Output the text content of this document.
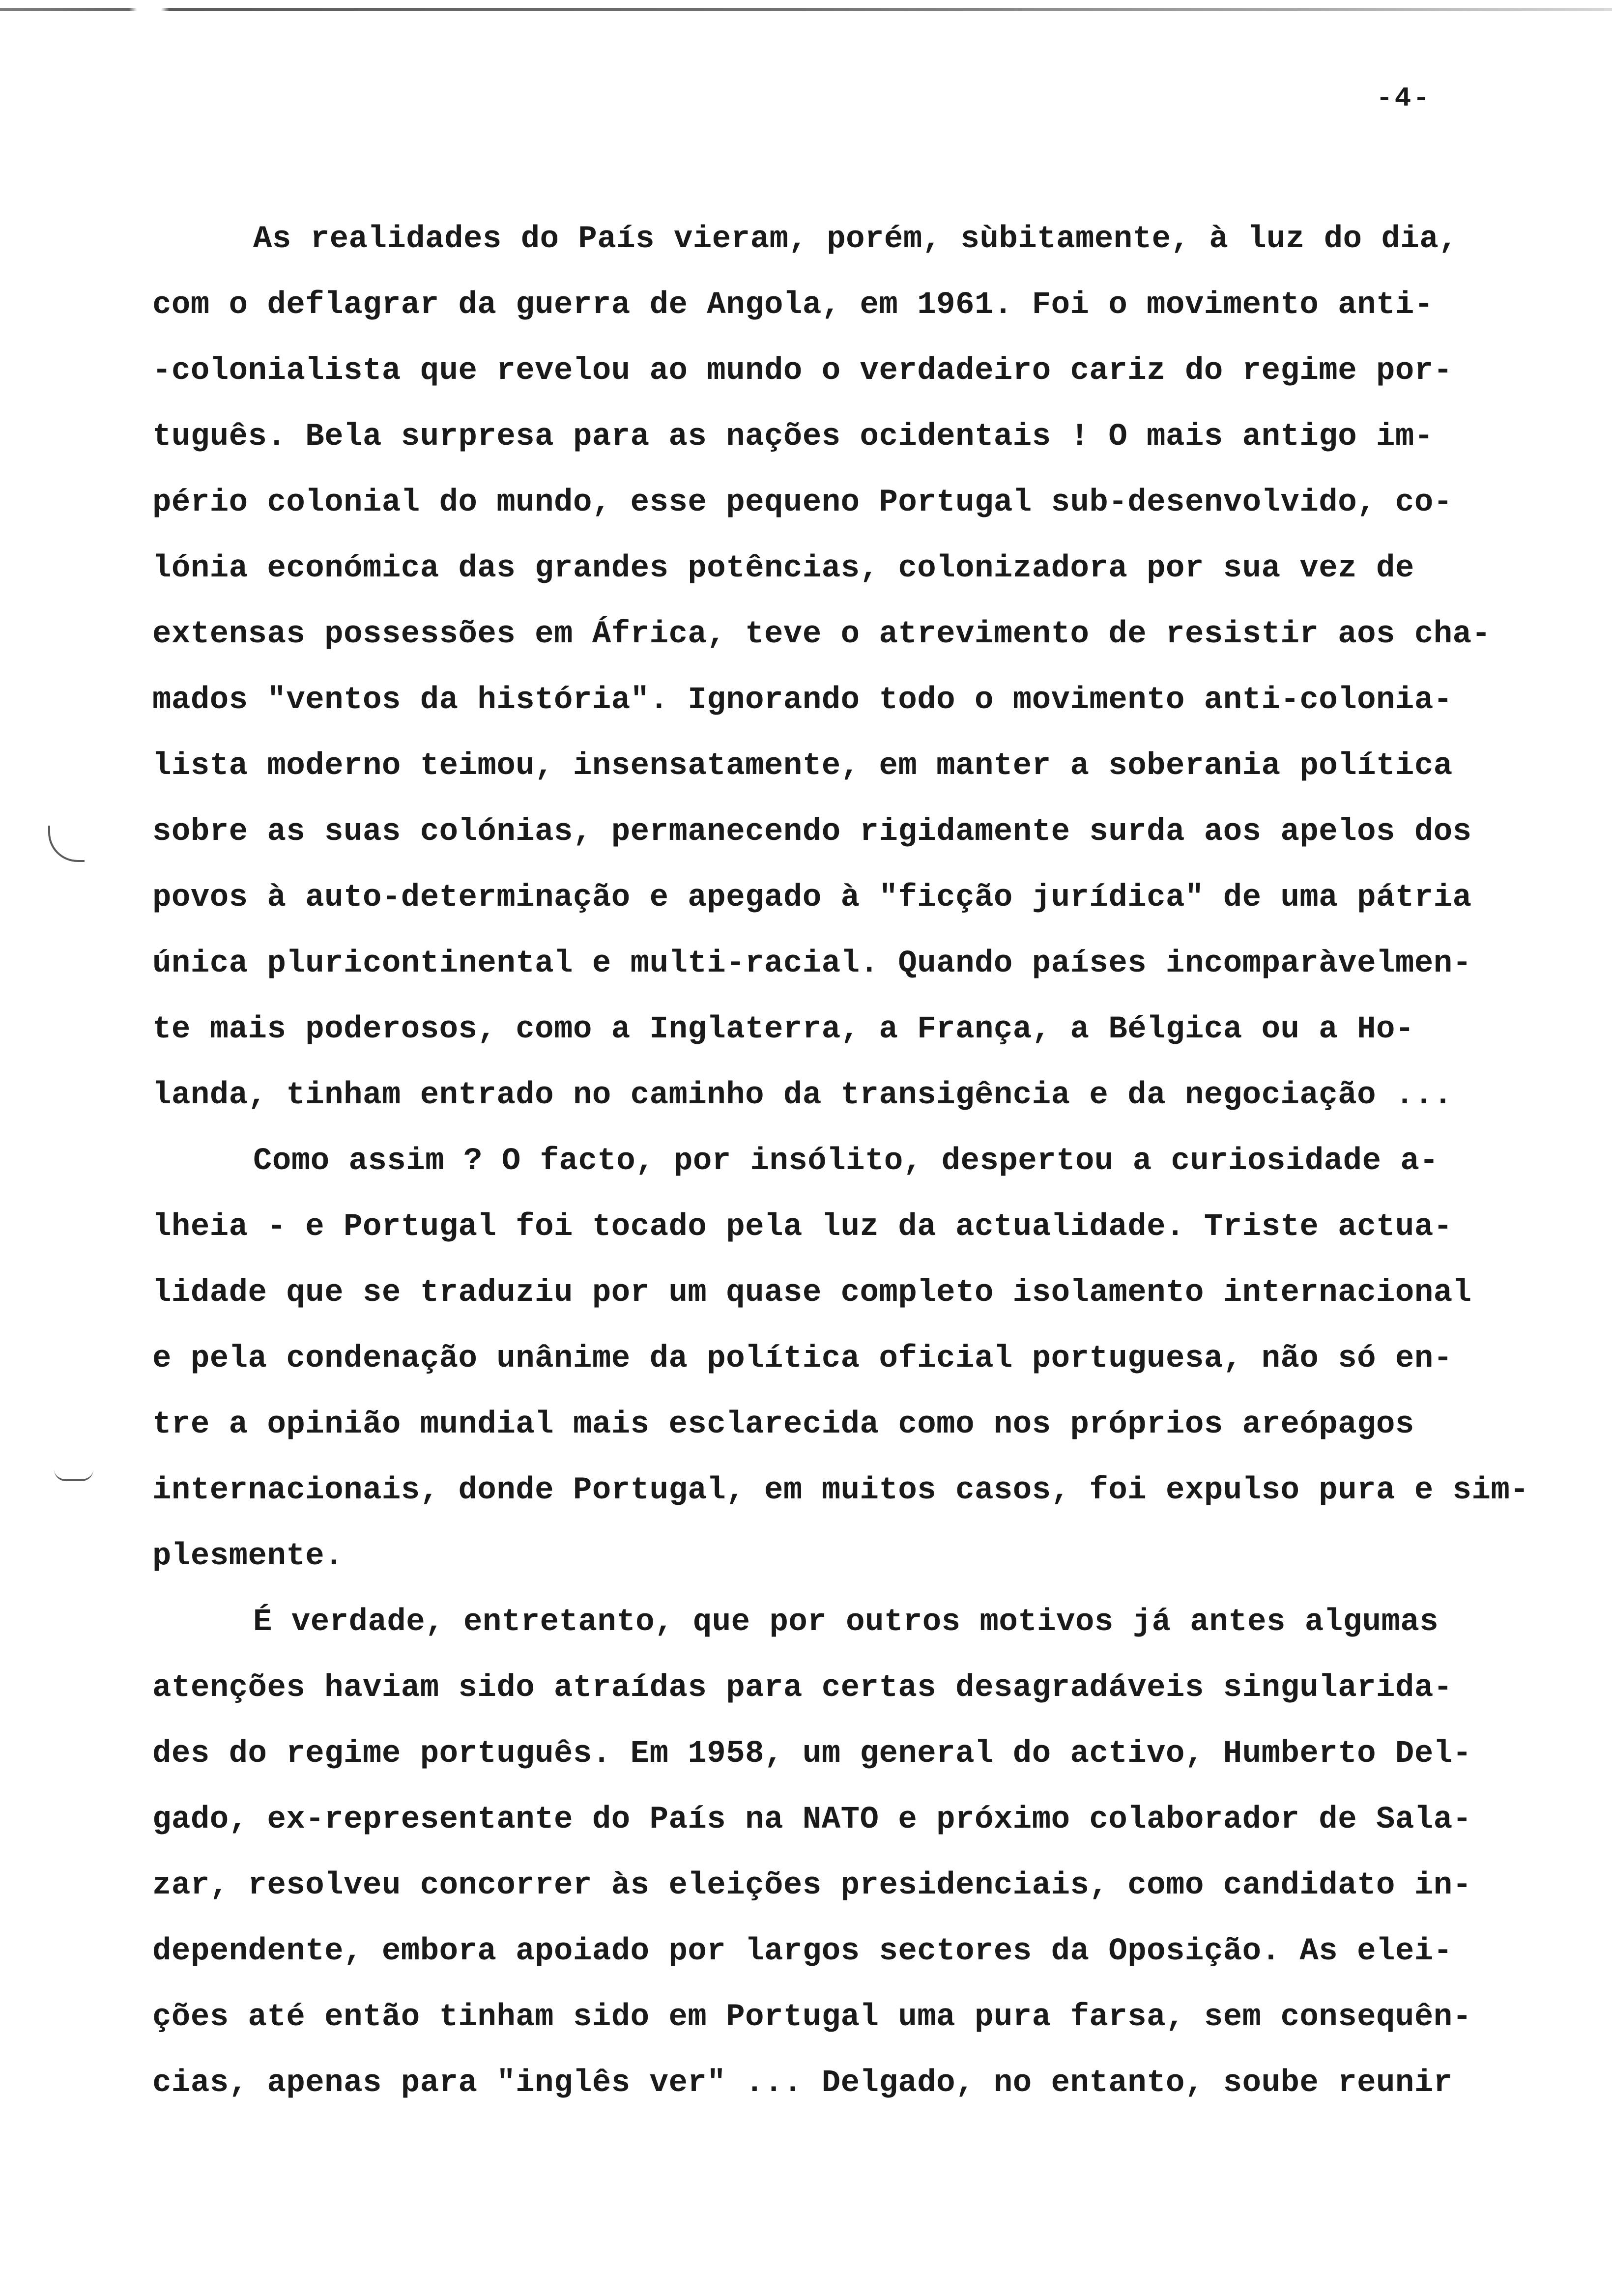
-4-
As realidades do País vieram, porém, sùbitamente, à luz do dia,
com o deflagrar da guerra de Angola, em 1961. Foi o movimento anti-
-colonialista que revelou ao mundo o verdadeiro cariz do regime por-
tuguês. Bela surpresa para as nações ocidentais ! O mais antigo im-
pério colonial do mundo, esse pequeno Portugal sub-desenvolvido, co-
lónia económica das grandes potências, colonizadora por sua vez de
extensas possessões em África, teve o atrevimento de resistir aos cha-
mados "ventos da história". Ignorando todo o movimento anti-colonia-
lista moderno teimou, insensatamente, em manter a soberania política
sobre as suas colónias, permanecendo rigidamente surda aos apelos dos
povos à auto-determinação e apegado à "ficção jurídica" de uma pátria
única pluricontinental e multi-racial. Quando países incomparàvelmen-
te mais poderosos, como a Inglaterra, a França, a Bélgica ou a Ho-
landa, tinham entrado no caminho da transigência e da negociação ...
Como assim ? O facto, por insólito, despertou a curiosidade a-
lheia - e Portugal foi tocado pela luz da actualidade. Triste actua-
lidade que se traduziu por um quase completo isolamento internacional
e pela condenação unânime da política oficial portuguesa, não só en-
tre a opinião mundial mais esclarecida como nos próprios areópagos
internacionais, donde Portugal, em muitos casos, foi expulso pura e sim-
plesmente.
É verdade, entretanto, que por outros motivos já antes algumas
atenções haviam sido atraídas para certas desagradáveis singularida-
des do regime português. Em 1958, um general do activo, Humberto Del-
gado, ex-representante do País na NATO e próximo colaborador de Sala-
zar, resolveu concorrer às eleições presidenciais, como candidato in-
dependente, embora apoiado por largos sectores da Oposição. As elei-
ções até então tinham sido em Portugal uma pura farsa, sem consequên-
cias, apenas para "inglês ver" ... Delgado, no entanto, soube reunir
